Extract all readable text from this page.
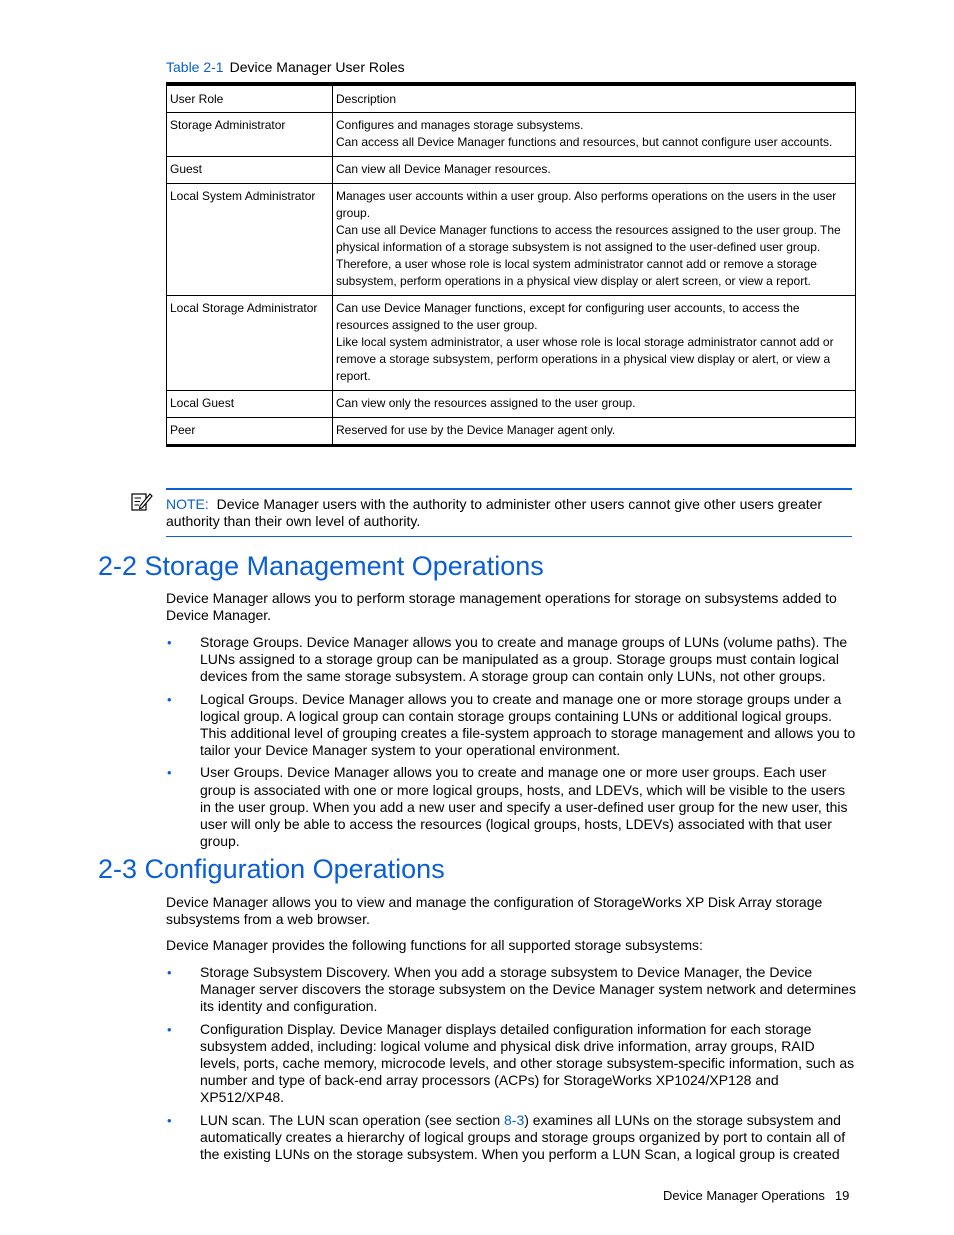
Table 2-1 Device Manager User Roles
User Role	Description
Storage Administrator	Configures and manages storage subsystems.
Can access all Device Manager functions and resources, but cannot configure user accounts.

Guest	Can view all Device Manager resources.

Local System Administrator	Manages user accounts within a user group. Also performs operations on the users in the user group.
Can use all Device Manager functions to access the resources assigned to the user group. The physical information of a storage subsystem is not assigned to the user-defined user group. Therefore, a user whose role is local system administrator cannot add or remove a storage subsystem, perform operations in a physical view display or alert screen, or view a report.

Local Storage Administrator	Can use Device Manager functions, except for configuring user accounts, to access the resources assigned to the user group.
Like local system administrator, a user whose role is local storage administrator cannot add or remove a storage subsystem, perform operations in a physical view display or alert, or view a report.

Local Guest	Can view only the resources assigned to the user group.

Peer	Reserved for use by the Device Manager agent only.
NOTE: Device Manager users with the authority to administer other users cannot give other users greater authority than their own level of authority.
2-2 Storage Management Operations

Device Manager allows you to perform storage management operations for storage on subsystems added to Device Manager.

• Storage Groups. Device Manager allows you to create and manage groups of LUNs (volume paths). The LUNs assigned to a storage group can be manipulated as a group. Storage groups must contain logical devices from the same storage subsystem. A storage group can contain only LUNs, not other groups.
• Logical Groups. Device Manager allows you to create and manage one or more storage groups under a logical group. A logical group can contain storage groups containing LUNs or additional logical groups. This additional level of grouping creates a file-system approach to storage management and allows you to tailor your Device Manager system to your operational environment.
• User Groups. Device Manager allows you to create and manage one or more user groups. Each user group is associated with one or more logical groups, hosts, and LDEVs, which will be visible to the users in the user group. When you add a new user and specify a user-defined user group for the new user, this user will only be able to access the resources (logical groups, hosts, LDEVs) associated with that user group.
2-3 Configuration Operations

Device Manager allows you to view and manage the configuration of StorageWorks XP Disk Array storage subsystems from a web browser.

Device Manager provides the following functions for all supported storage subsystems:

• Storage Subsystem Discovery. When you add a storage subsystem to Device Manager, the Device Manager server discovers the storage subsystem on the Device Manager system network and determines its identity and configuration.
• Configuration Display. Device Manager displays detailed configuration information for each storage subsystem added, including: logical volume and physical disk drive information, array groups, RAID levels, ports, cache memory, microcode levels, and other storage subsystem-specific information, such as number and type of back-end array processors (ACPs) for StorageWorks XP1024/XP128 and XP512/XP48.
• LUN scan. The LUN scan operation (see section 8-3) examines all LUNs on the storage subsystem and automatically creates a hierarchy of logical groups and storage groups organized by port to contain all of the existing LUNs on the storage subsystem. When you perform a LUN Scan, a logical group is created
Device Manager Operations 19
